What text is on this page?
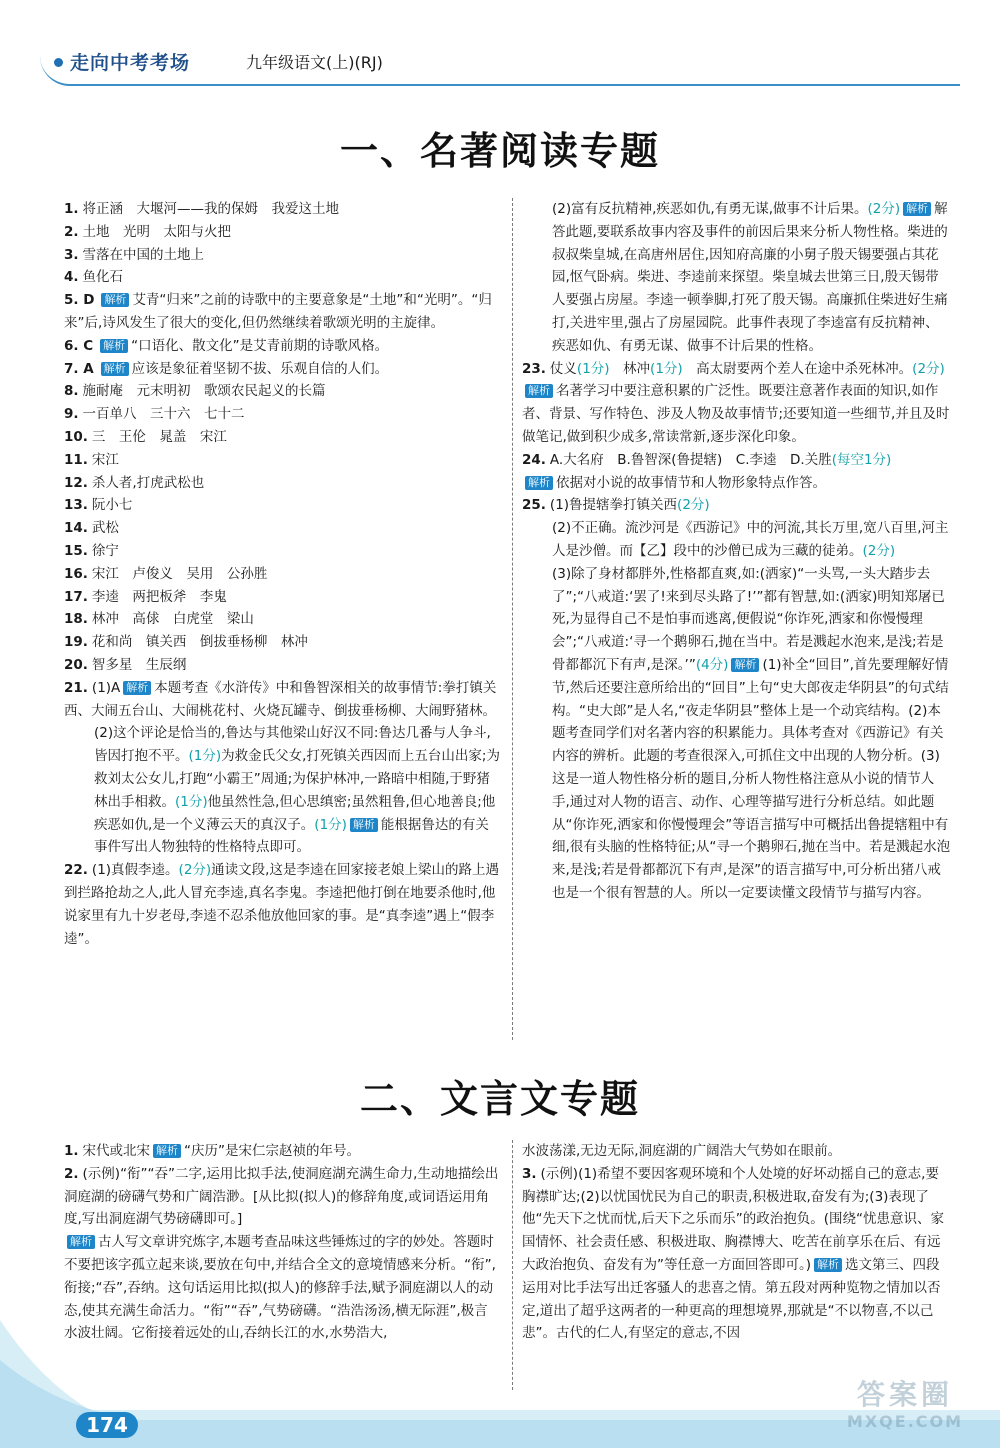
走向中考考场	九年级语文(上)(RJ)
一、名著阅读专题
1. 将正涵　大堰河——我的保姆　我爱这土地
2. 土地　光明　太阳与火把
3. 雪落在中国的土地上
4. 鱼化石
5. D 解析 艾青“归来”之前的诗歌中的主要意象是“土地”和“光明”。“归来”后,诗风发生了很大的变化,但仍然继续着歌颂光明的主旋律。
6. C 解析 “口语化、散文化”是艾青前期的诗歌风格。
7. A 解析 应该是象征着坚韧不拔、乐观自信的人们。
8. 施耐庵　元末明初　歌颂农民起义的长篇
9. 一百单八　三十六　七十二
10. 三　王伦　晁盖　宋江
11. 宋江
12. 杀人者,打虎武松也
13. 阮小七
14. 武松
15. 徐宁
16. 宋江　卢俊义　吴用　公孙胜
17. 李逵　两把板斧　李鬼
18. 林冲　高俅　白虎堂　梁山
19. 花和尚　镇关西　倒拔垂杨柳　林冲
20. 智多星　生辰纲
21. (1)A 解析 本题考查《水浒传》中和鲁智深相关的故事情节:拳打镇关西、大闹五台山、大闹桃花村、火烧瓦罐寺、倒拔垂杨柳、大闹野猪林。
(2)这个评论是恰当的,鲁达与其他梁山好汉不同:鲁达几番与人争斗,皆因打抱不平。(1分)为救金氏父女,打死镇关西因而上五台山出家;为救刘太公女儿,打跑“小霸王”周通;为保护林冲,一路暗中相随,于野猪林出手相救。(1分)他虽然性急,但心思缜密;虽然粗鲁,但心地善良;他疾恶如仇,是一个义薄云天的真汉子。(1分) 解析 能根据鲁达的有关事件写出人物独特的性格特点即可。
22. (1)真假李逵。(2分)通读文段,这是李逵在回家接老娘上梁山的路上遇到拦路抢劫之人,此人冒充李逵,真名李鬼。李逵把他打倒在地要杀他时,他说家里有九十岁老母,李逵不忍杀他放他回家的事。是“真李逵”遇上“假李逵”。
(2)富有反抗精神,疾恶如仇,有勇无谋,做事不计后果。(2分) 解析 解答此题,要联系故事内容及事件的前因后果来分析人物性格。柴进的叔叔柴皇城,在高唐州居住,因知府高廉的小舅子殷天锡要强占其花园,怄气卧病。柴进、李逵前来探望。柴皇城去世第三日,殷天锡带人要强占房屋。李逵一顿拳脚,打死了殷天锡。高廉抓住柴进好生痛打,关进牢里,强占了房屋园院。此事件表现了李逵富有反抗精神、疾恶如仇、有勇无谋、做事不计后果的性格。
23. 仗义(1分)　 林冲(1分)　 高太尉要两个差人在途中杀死林冲。(2分)解析 名著学习中要注意积累的广泛性。既要注意著作表面的知识,如作者、背景、写作特色、涉及人物及故事情节;还要知道一些细节,并且及时做笔记,做到积少成多,常读常新,逐步深化印象。
24. A.大名府　B.鲁智深(鲁提辖)　C.李逵　D.关胜(每空1分)
解析 依据对小说的故事情节和人物形象特点作答。
25. (1)鲁提辖拳打镇关西(2分)
(2)不正确。流沙河是《西游记》中的河流,其长万里,宽八百里,河主人是沙僧。而【乙】段中的沙僧已成为三藏的徒弟。(2分)
(3)除了身材都胖外,性格都直爽,如:(洒家)“一头骂,一头大踏步去了”;“八戒道:‘罢了!来到尽头路了!’”都有智慧,如:(洒家)明知郑屠已死,为显得自己不是怕事而逃离,便假说“你诈死,洒家和你慢慢理会”;“八戒道:‘寻一个鹅卵石,抛在当中。若是溅起水泡来,是浅;若是骨都都沉下有声,是深。’”(4分) 解析 (1)补全“回目”,首先要理解好情节,然后还要注意所给出的“回目”上句“史大郎夜走华阴县”的句式结构。“史大郎”是人名,“夜走华阴县”整体上是一个动宾结构。(2)本题考查同学们对名著内容的积累能力。具体考查对《西游记》有关内容的辨析。此题的考查很深入,可抓住文中出现的人物分析。(3)这是一道人物性格分析的题目,分析人物性格注意从小说的情节人手,通过对人物的语言、动作、心理等描写进行分析总结。如此题从“你诈死,洒家和你慢慢理会”等语言描写中可概括出鲁提辖粗中有细,很有头脑的性格特征;从“寻一个鹅卵石,抛在当中。若是溅起水泡来,是浅;若是骨都都沉下有声,是深”的语言描写中,可分析出猪八戒也是一个很有智慧的人。所以一定要读懂文段情节与描写内容。
二、文言文专题
1. 宋代或北宋 解析 “庆历”是宋仁宗赵祯的年号。
2. (示例)“衔”“吞”二字,运用比拟手法,使洞庭湖充满生命力,生动地描绘出洞庭湖的磅礴气势和广阔浩渺。[从比拟(拟人)的修辞角度,或词语运用角度,写出洞庭湖气势磅礴即可。]
解析 古人写文章讲究炼字,本题考查品味这些锤炼过的字的妙处。答题时不要把该字孤立起来谈,要放在句中,并结合全文的意境情感来分析。“衔”,衔接;“吞”,吞纳。这句话运用比拟(拟人)的修辞手法,赋予洞庭湖以人的动态,使其充满生命活力。“衔”“吞”,气势磅礴。“浩浩汤汤,横无际涯”,极言水波壮阔。它衔接着远处的山,吞纳长江的水,水势浩大,
水波荡漾,无边无际,洞庭湖的广阔浩大气势如在眼前。
3. (示例)(1)希望不要因客观环境和个人处境的好坏动摇自己的意志,要胸襟旷达;(2)以忧国忧民为自己的职责,积极进取,奋发有为;(3)表现了他“先天下之忧而忧,后天下之乐而乐”的政治抱负。(围绕“忧患意识、家国情怀、社会责任感、积极进取、胸襟博大、吃苦在前享乐在后、有远大政治抱负、奋发有为”等任意一方面回答即可。) 解析 选文第三、四段运用对比手法写出迁客骚人的悲喜之情。第五段对两种览物之情加以否定,道出了超乎这两者的一种更高的理想境界,那就是“不以物喜,不以己悲”。古代的仁人,有坚定的意志,不因
174
答案圈
MXQE.COM
